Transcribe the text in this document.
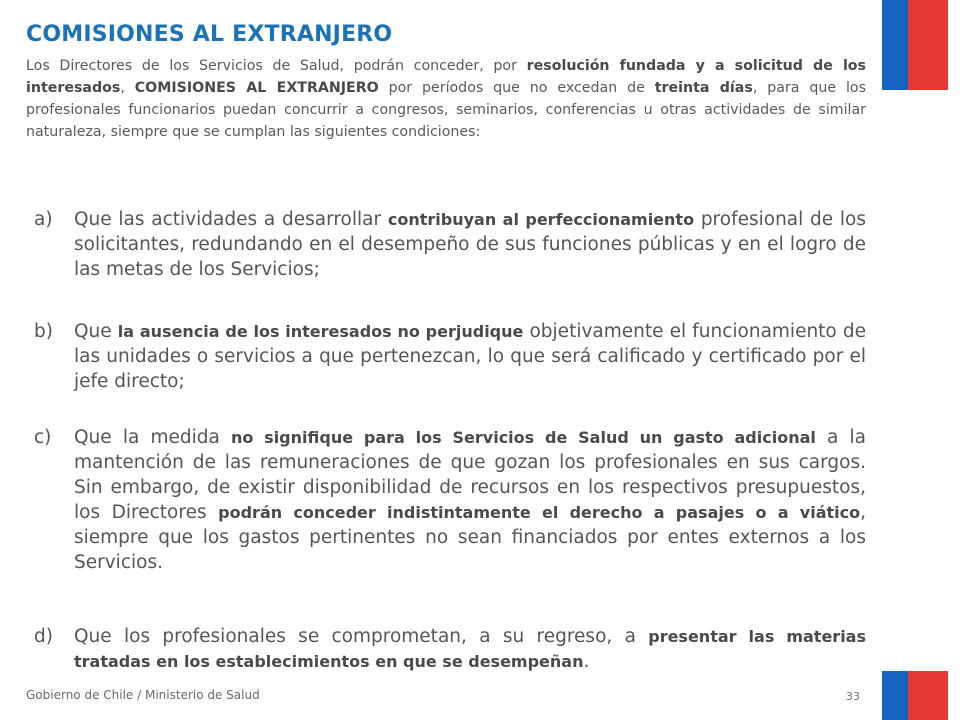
COMISIONES AL EXTRANJERO

Los Directores de los Servicios de Salud, podrán conceder, por resolución fundada y a solicitud de los interesados, COMISIONES AL EXTRANJERO por períodos que no excedan de treinta días, para que los profesionales funcionarios puedan concurrir a congresos, seminarios, conferencias u otras actividades de similar naturaleza, siempre que se cumplan las siguientes condiciones:

a)	Que las actividades a desarrollar contribuyan al perfeccionamiento profesional de los solicitantes, redundando en el desempeño de sus funciones públicas y en el logro de las metas de los Servicios;
b)	Que la ausencia de los interesados no perjudique objetivamente el funcionamiento de las unidades o servicios a que pertenezcan, lo que será calificado y certificado por el jefe directo;
c)	Que la medida no signifique para los Servicios de Salud un gasto adicional a la mantención de las remuneraciones de que gozan los profesionales en sus cargos. Sin embargo, de existir disponibilidad de recursos en los respectivos presupuestos, los Directores podrán conceder indistintamente el derecho a pasajes o a viático, siempre que los gastos pertinentes no sean financiados por entes externos a los Servicios.
d)	Que los profesionales se comprometan, a su regreso, a presentar las materias tratadas en los establecimientos en que se desempeñan.
Gobierno de Chile / Ministerio de Salud	33
